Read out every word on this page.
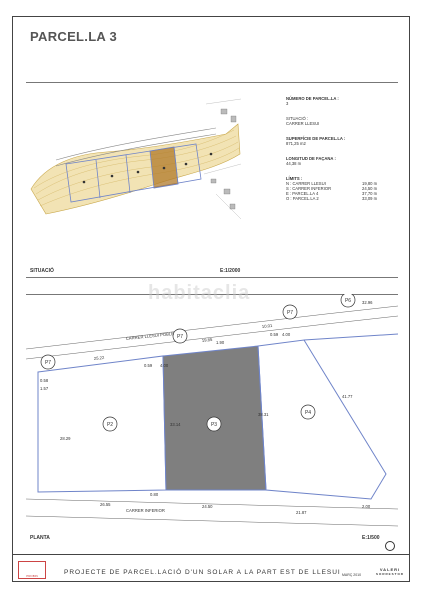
PARCEL.LA 3
NÚMERO DE PARCEL.LA :
3
SITUACIÓ :
CARRER LLESUI
SUPERFÍCIE DE PARCEL.LA :
871,25 m2
LONGITUD DE FAÇANA :
44,38 m
LÍMITS :
N : CARRER LLESUI	19,80 m
S : CARRER INFERIOR	24,50 m
E : PARCEL.LA 4	37,70 m
O : PARCEL.LA 2	33,09 m
SITUACIÓ	E:1/2000
habitaclia
P7
P7
P7
P6
P2	P3
P4
CARRER LLESUI POBLE
CARRER INFERIOR
25.22
19.85
10.01
32.96
0.58
1.90
0.59 4.00
0.59 4.00
1.57
28.29
33.14
38.31
41.77
0.80
26.55	24.50
21.87
2.00
PLANTA	E:1/500
PROBIN	PROJECTE DE PARCEL.LACIÓ D'UN SOLAR A LA PART EST DE LLESUI MARÇ 2010
VALERI
SORRESTOR
